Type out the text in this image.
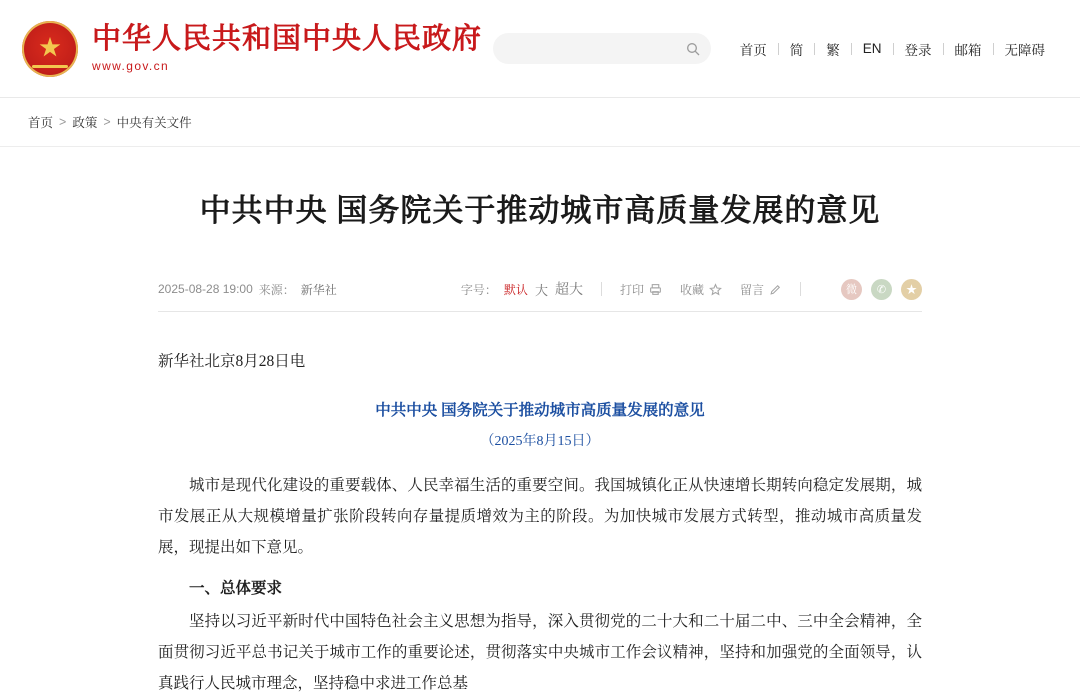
★
中华人民共和国中央人民政府
www.gov.cn
首页	简	繁	EN	登录	邮箱	无障碍
首页 > 政策 > 中央有关文件
中共中央 国务院关于推动城市高质量发展的意见
2025-08-28 19:00 来源： 新华社	字号： 默认 大 超大	打印	收藏	留言	微	✆	★

新华社北京8月28日电

中共中央 国务院关于推动城市高质量发展的意见

（2025年8月15日）

城市是现代化建设的重要载体、人民幸福生活的重要空间。我国城镇化正从快速增长期转向稳定发展期，城市发展正从大规模增量扩张阶段转向存量提质增效为主的阶段。为加快城市发展方式转型，推动城市高质量发展，现提出如下意见。

一、总体要求

坚持以习近平新时代中国特色社会主义思想为指导，深入贯彻党的二十大和二十届二中、三中全会精神，全面贯彻习近平总书记关于城市工作的重要论述，贯彻落实中央城市工作会议精神，坚持和加强党的全面领导，认真践行人民城市理念，坚持稳中求进工作总基
